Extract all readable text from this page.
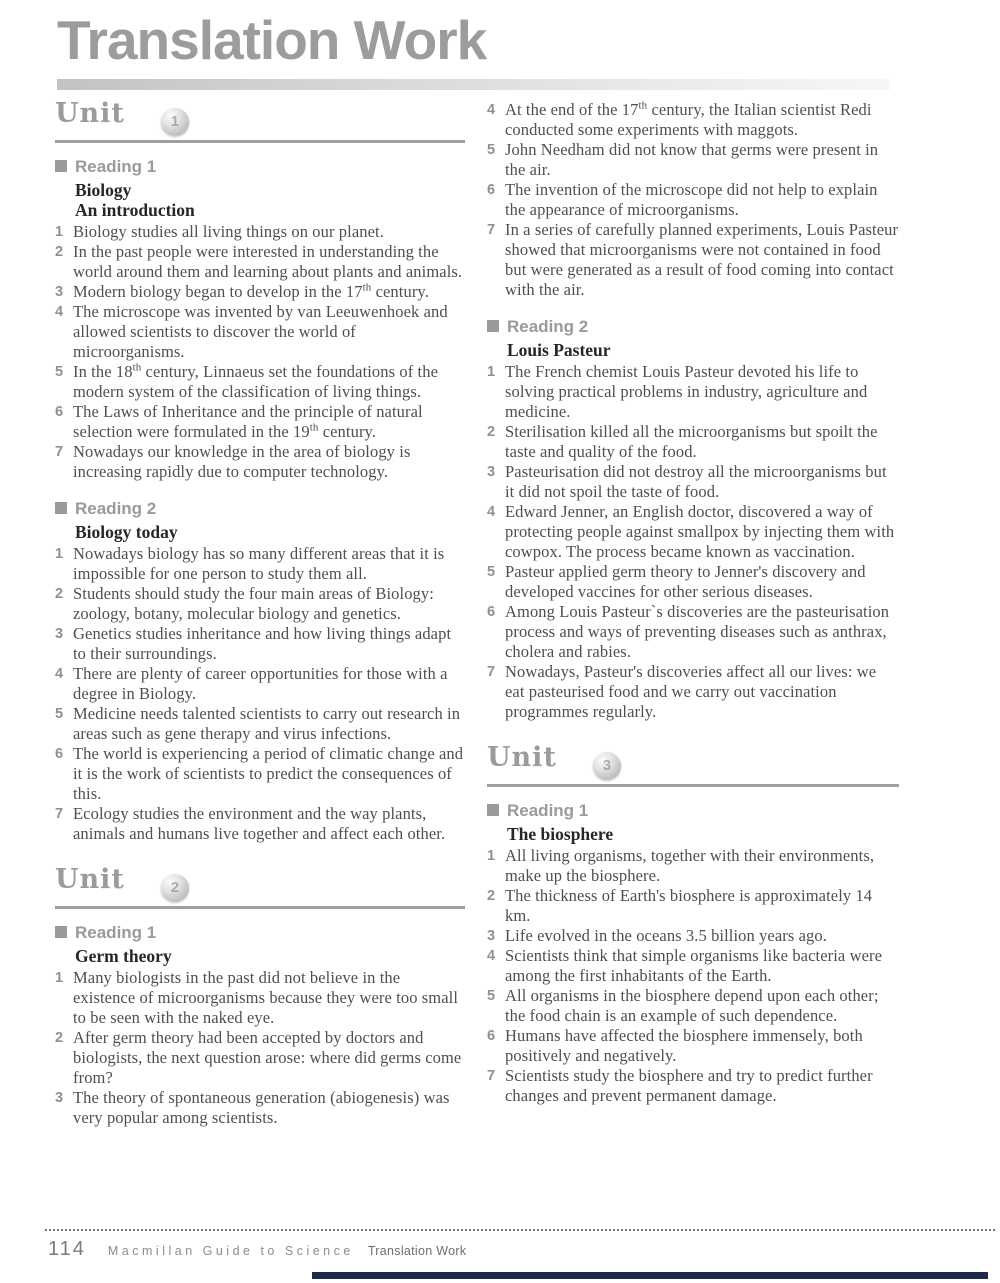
Translation Work
Unit	1
Reading 1
Biology
An introduction
1 Biology studies all living things on our planet.
2 In the past people were interested in understanding the world around them and learning about plants and animals.
3 Modern biology began to develop in the 17th century.
4 The microscope was invented by van Leeuwenhoek and allowed scientists to discover the world of microorganisms.
5 In the 18th century, Linnaeus set the foundations of the modern system of the classification of living things.
6 The Laws of Inheritance and the principle of natural selection were formulated in the 19th century.
7 Nowadays our knowledge in the area of biology is increasing rapidly due to computer technology.
Reading 2
Biology today
1 Nowadays biology has so many different areas that it is impossible for one person to study them all.
2 Students should study the four main areas of Biology: zoology, botany, molecular biology and genetics.
3 Genetics studies inheritance and how living things adapt to their surroundings.
4 There are plenty of career opportunities for those with a degree in Biology.
5 Medicine needs talented scientists to carry out research in areas such as gene therapy and virus infections.
6 The world is experiencing a period of climatic change and it is the work of scientists to predict the consequences of this.
7 Ecology studies the environment and the way plants, animals and humans live together and affect each other.
Unit	2
Reading 1
Germ theory
1 Many biologists in the past did not believe in the existence of microorganisms because they were too small to be seen with the naked eye.
2 After germ theory had been accepted by doctors and biologists, the next question arose: where did germs come from?
3 The theory of spontaneous generation (abiogenesis) was very popular among scientists.
4 At the end of the 17th century, the Italian scientist Redi conducted some experiments with maggots.
5 John Needham did not know that germs were present in the air.
6 The invention of the microscope did not help to explain the appearance of microorganisms.
7 In a series of carefully planned experiments, Louis Pasteur showed that microorganisms were not contained in food but were generated as a result of food coming into contact with the air.
Reading 2
Louis Pasteur
1 The French chemist Louis Pasteur devoted his life to solving practical problems in industry, agriculture and medicine.
2 Sterilisation killed all the microorganisms but spoilt the taste and quality of the food.
3 Pasteurisation did not destroy all the microorganisms but it did not spoil the taste of food.
4 Edward Jenner, an English doctor, discovered a way of protecting people against smallpox by injecting them with cowpox. The process became known as vaccination.
5 Pasteur applied germ theory to Jenner's discovery and developed vaccines for other serious diseases.
6 Among Louis Pasteur`s discoveries are the pasteurisation process and ways of preventing diseases such as anthrax, cholera and rabies.
7 Nowadays, Pasteur's discoveries affect all our lives: we eat pasteurised food and we carry out vaccination programmes regularly.
Unit	3
Reading 1
The biosphere
1 All living organisms, together with their environments, make up the biosphere.
2 The thickness of Earth's biosphere is approximately 14 km.
3 Life evolved in the oceans 3.5 billion years ago.
4 Scientists think that simple organisms like bacteria were among the first inhabitants of the Earth.
5 All organisms in the biosphere depend upon each other; the food chain is an example of such dependence.
6 Humans have affected the biosphere immensely, both positively and negatively.
7 Scientists study the biosphere and try to predict further changes and prevent permanent damage.
114 Macmillan Guide to Science Translation Work
